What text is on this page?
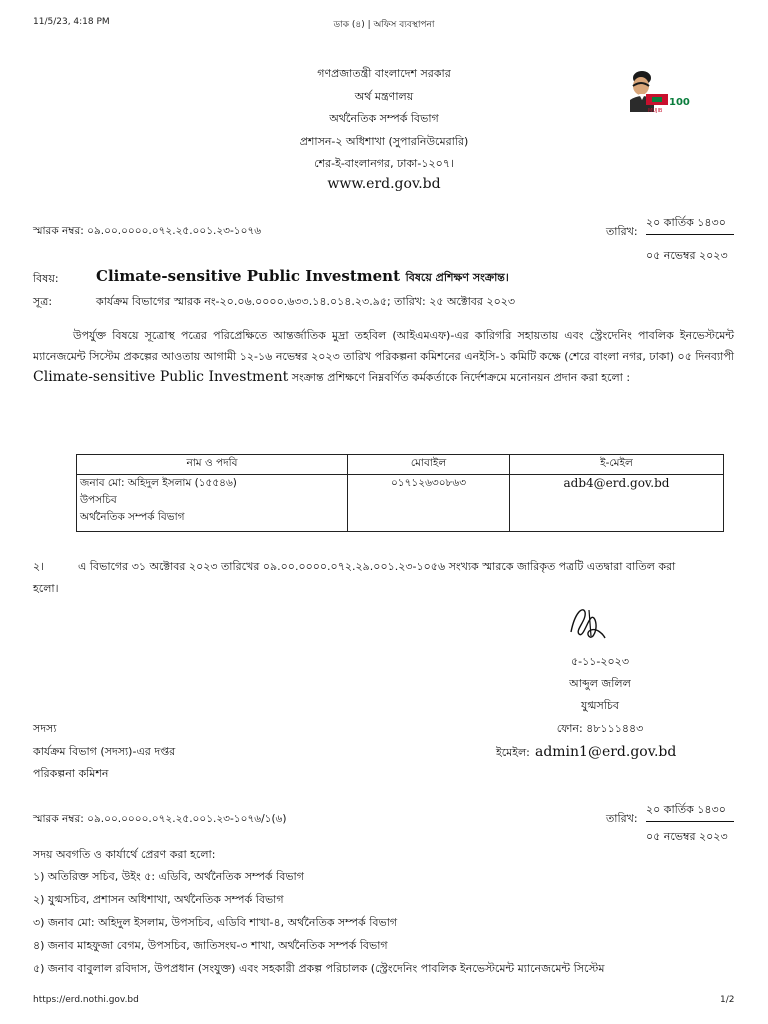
11/5/23, 4:18 PM	ডাক (৪) | অফিস ব্যবস্থাপনা
গণপ্রজাতন্ত্রী বাংলাদেশ সরকার
অর্থ মন্ত্রণালয়
অর্থনৈতিক সম্পর্ক বিভাগ
প্রশাসন-২ অধিশাখা (সুপারনিউমেরারি)
শের-ই-বাংলানগর, ঢাকা-১২০৭।
www.erd.gov.bd
100
MUJIB
স্মারক নম্বর: ০৯.০০.০০০০.০৭২.২৫.০০১.২৩-১০৭৬	তারিখ:
২০ কার্তিক ১৪৩০
০৫ নভেম্বর ২০২৩
বিষয়: Climate-sensitive Public Investment বিষয়ে প্রশিক্ষণ সংক্রান্ত।
সূত্র:	কার্যক্রম বিভাগের স্মারক নং-২০.০৬.০০০০.৬৩৩.১৪.০১৪.২৩.৯৫; তারিখ: ২৫ অক্টোবর ২০২৩
উপর্যুক্ত বিষয়ে সূত্রোস্থ পত্রের পরিপ্রেক্ষিতে আন্তর্জাতিক মুদ্রা তহবিল (আইএমএফ)-এর কারিগরি সহায়তায় এবং স্ট্রেংদেনিং পাবলিক ইনভেস্টমেন্ট ম্যানেজমেন্ট সিস্টেম প্রকল্পের আওতায় আগামী ১২-১৬ নভেম্বর ২০২৩ তারিখ পরিকল্পনা কমিশনের এনইসি-১ কমিটি কক্ষে (শেরে বাংলা নগর, ঢাকা) ০৫ দিনব্যাপী Climate-sensitive Public Investment সংক্রান্ত প্রশিক্ষণে নিম্নবর্ণিত কর্মকর্তাকে নির্দেশক্রমে মনোনয়ন প্রদান করা হলো :
নাম ও পদবি	মোবাইল	ই-মেইল

জনাব মো: অহিদুল ইসলাম (১৫৫৪৬)
উপসচিব
অর্থনৈতিক সম্পর্ক বিভাগ	০১৭১২৬৩০৮৬৩	adb4@erd.gov.bd
২।	এ বিভাগের ৩১ অক্টোবর ২০২৩ তারিখের ০৯.০০.০০০০.০৭২.২৯.০০১.২৩-১০৫৬ সংখ্যক স্মারকে জারিকৃত পত্রটি এতদ্বারা বাতিল করা
হলো।
৫-১১-২০২৩
আব্দুল জলিল
যুগ্মসচিব
ফোন: ৪৮১১১৪৪৩
ইমেইল: admin1@erd.gov.bd
সদস্য
কার্যক্রম বিভাগ (সদস্য)-এর দপ্তর
পরিকল্পনা কমিশন
স্মারক নম্বর: ০৯.০০.০০০০.০৭২.২৫.০০১.২৩-১০৭৬/১(৬)	তারিখ:
২০ কার্তিক ১৪৩০
০৫ নভেম্বর ২০২৩
সদয় অবগতি ও কার্যার্থে প্রেরণ করা হলো:
১) অতিরিক্ত সচিব, উইং ৫: এডিবি, অর্থনৈতিক সম্পর্ক বিভাগ
২) যুগ্মসচিব, প্রশাসন অধিশাখা, অর্থনৈতিক সম্পর্ক বিভাগ
৩) জনাব মো: অহিদুল ইসলাম, উপসচিব, এডিবি শাখা-৪, অর্থনৈতিক সম্পর্ক বিভাগ
৪) জনাব মাহফুজা বেগম, উপসচিব, জাতিসংঘ-৩ শাখা, অর্থনৈতিক সম্পর্ক বিভাগ
৫) জনাব বাবুলাল রবিদাস, উপপ্রধান (সংযুক্ত) এবং সহকারী প্রকল্প পরিচালক (স্ট্রেংদেনিং পাবলিক ইনভেস্টমেন্ট ম্যানেজমেন্ট সিস্টেম
https://erd.nothi.gov.bd	1/2
